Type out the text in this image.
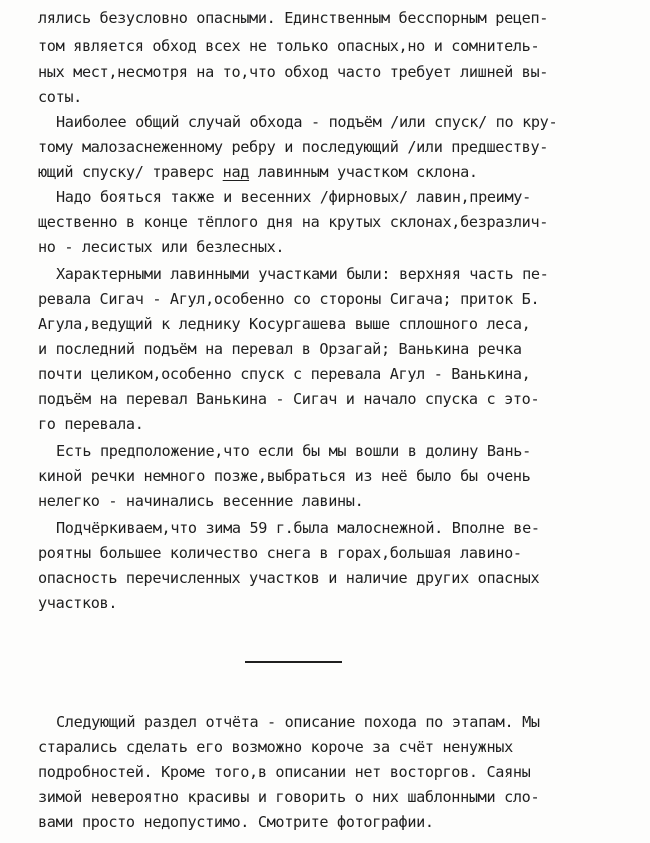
лялись безусловно опасными. Единственным бесспорным рецеп-
том является обход всех не только опасных,но и сомнитель-
ных мест,несмотря на то,что обход часто требует лишней вы-
соты.
Наиболее общий случай обхода - подъём /или спуск/ по кру-
тому малозаснеженному ребру и последующий /или предшеству-
ющий спуску/ траверс над лавинным участком склона.
Надо бояться также и весенних /фирновых/ лавин,преиму-
щественно в конце тёплого дня на крутых склонах,безразлич-
но - лесистых или безлесных.
Характерными лавинными участками были: верхняя часть пе-
ревала Сигач - Агул,особенно со стороны Сигача; приток Б.
Агула,ведущий к леднику Косургашева выше сплошного леса,
и последний подъём на перевал в Орзагай; Ванькина речка
почти целиком,особенно спуск с перевала Агул - Ванькина,
подъём на перевал Ванькина - Сигач и начало спуска с это-
го перевала.
Есть предположение,что если бы мы вошли в долину Вань-
киной речки немного позже,выбраться из неё было бы очень
нелегко - начинались весенние лавины.
Подчёркиваем,что зима 59 г.была малоснежной. Вполне ве-
роятны большее количество снега в горах,большая лавино-
опасность перечисленных участков и наличие других опасных
участков.
Следующий раздел отчёта - описание похода по этапам. Мы
старались сделать его возможно короче за счёт ненужных
подробностей. Кроме того,в описании нет восторгов. Саяны
зимой невероятно красивы и говорить о них шаблонными сло-
вами просто недопустимо. Смотрите фотографии.
